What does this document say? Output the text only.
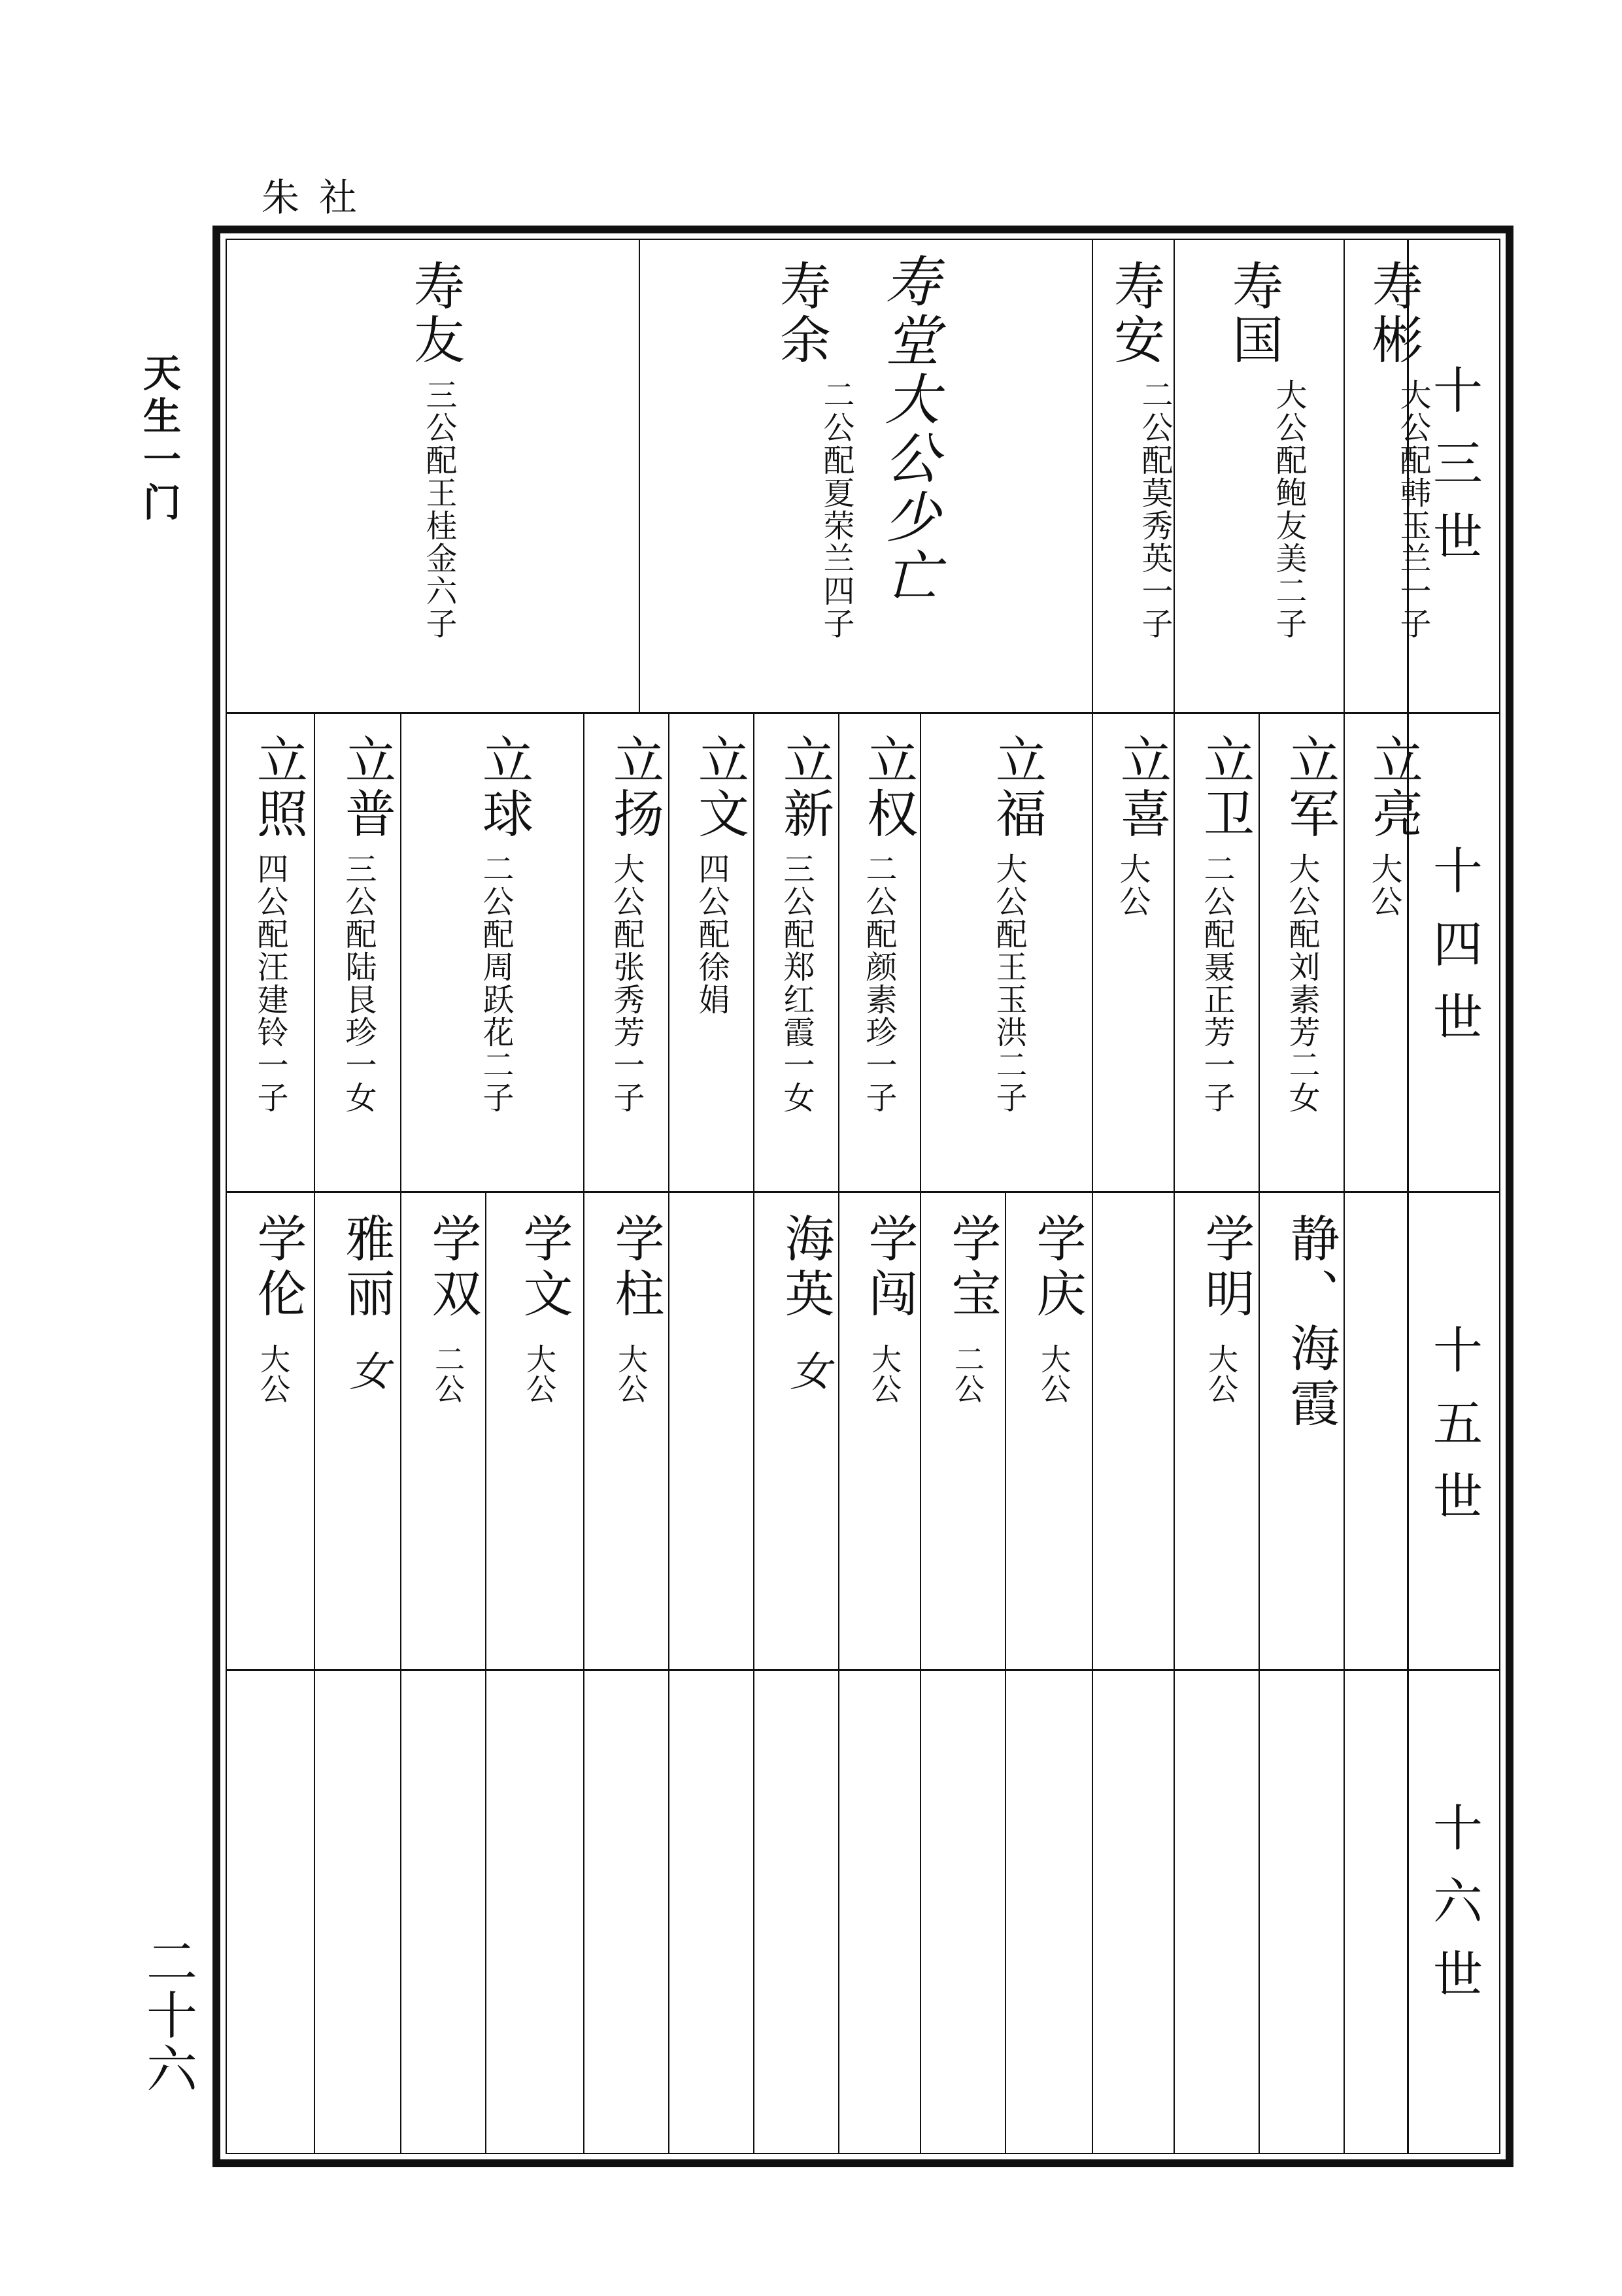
朱社
天生一门
二十六
十三世
寿彬
大公配韩玉兰一子
寿国
大公配鲍友美二子
寿安
二公配莫秀英一子
寿堂大公少亡
寿余
二公配夏荣兰四子
寿友
三公配王桂金六子
十四世
立亮
大公
立军
大公配刘素芳二女
立卫
二公配聂正芳一子
立喜
大公
立福
大公配王玉洪二子
立权
二公配颜素珍一子
立新
三公配郑红霞一女
立文
四公配徐娟
立扬
大公配张秀芳一子
立球
二公配周跃花二子
立普
三公配陆艮珍一女
立照
四公配汪建铃一子
十五世
静、海霞
学明
大公
学庆
大公
学宝
二公
学闯
大公
海英
女
学柱
大公
学文
大公
学双
二公
雅丽
女
学伦
大公
十六世
